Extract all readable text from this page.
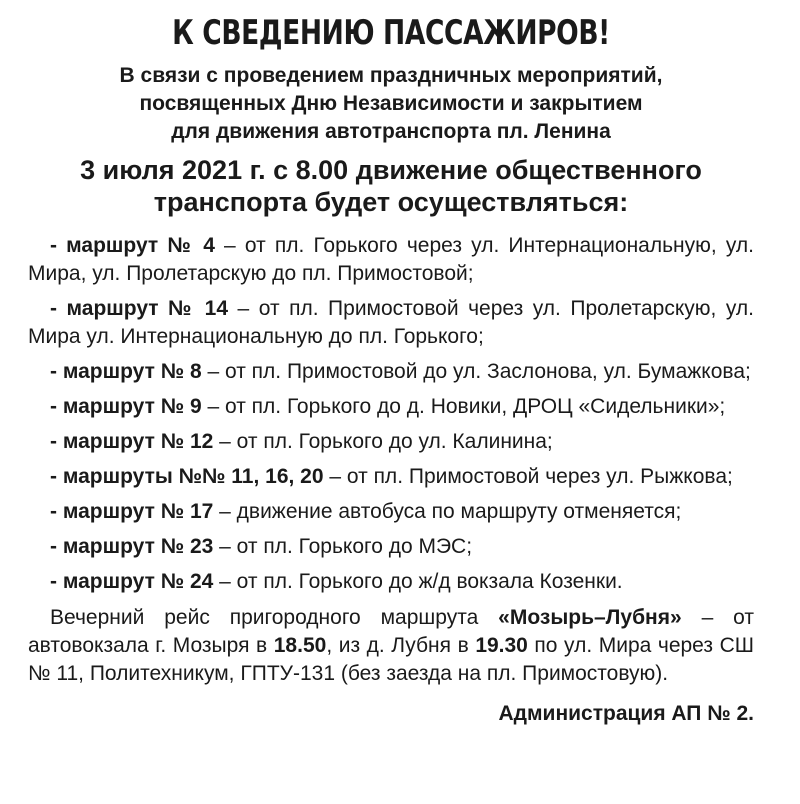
К СВЕДЕНИЮ ПАССАЖИРОВ!
В связи с проведением праздничных мероприятий,
посвященных Дню Независимости и закрытием
для движения автотранспорта пл. Ленина
3 июля 2021 г. с 8.00 движение общественного
транспорта будет осуществляться:
- маршрут № 4 – от пл. Горького через ул. Интернациональную, ул. Мира, ул. Пролетарскую до пл. Примостовой;
- маршрут № 14 – от пл. Примостовой через ул. Пролетарскую, ул. Мира ул. Интернациональную до пл. Горького;
- маршрут № 8 – от пл. Примостовой до ул. Заслонова, ул. Бумажкова;
- маршрут № 9 – от пл. Горького до д. Новики, ДРОЦ «Сидельники»;
- маршрут № 12 – от пл. Горького до ул. Калинина;
- маршруты №№ 11, 16, 20 – от пл. Примостовой через ул. Рыжкова;
- маршрут № 17 – движение автобуса по маршруту отменяется;
- маршрут № 23 – от пл. Горького до МЭС;
- маршрут № 24 – от пл. Горького до ж/д вокзала Козенки.

Вечерний рейс пригородного маршрута «Мозырь–Лубня» – от автовокзала г. Мозыря в 18.50, из д. Лубня в 19.30 по ул. Мира через СШ № 11, Политехникум, ГПТУ-131 (без заезда на пл. Примостовую).

Администрация АП № 2.
